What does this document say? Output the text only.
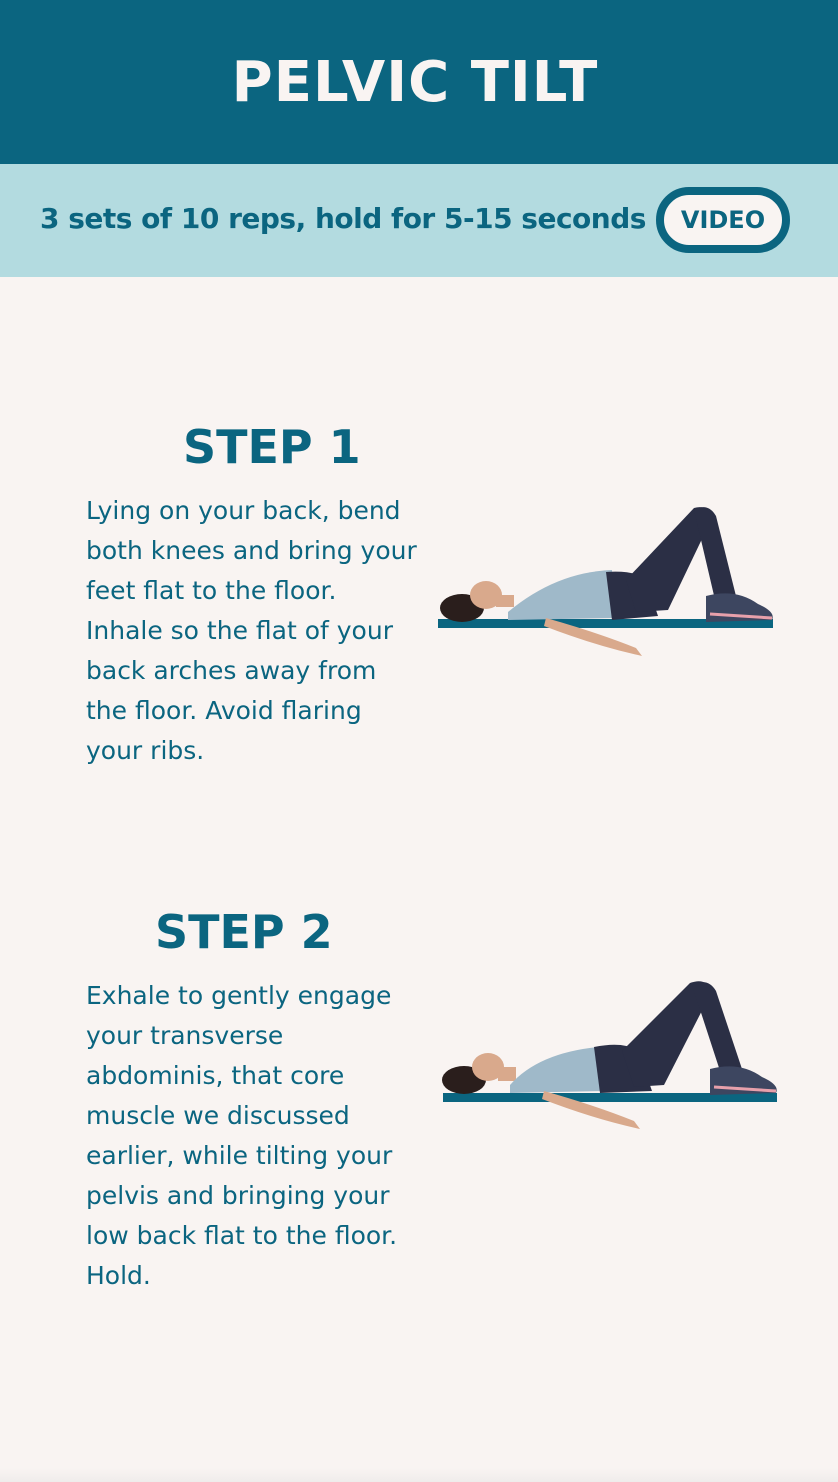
PELVIC TILT
3 sets of 10 reps, hold for 5-15 seconds VIDEO
STEP 1
Lying on your back, bend both knees and bring your feet flat to the floor. Inhale so the flat of your back arches away from the floor. Avoid flaring your ribs.
STEP 2
Exhale to gently engage your transverse abdominis, that core muscle we discussed earlier, while tilting your pelvis and bringing your low back flat to the floor. Hold.
